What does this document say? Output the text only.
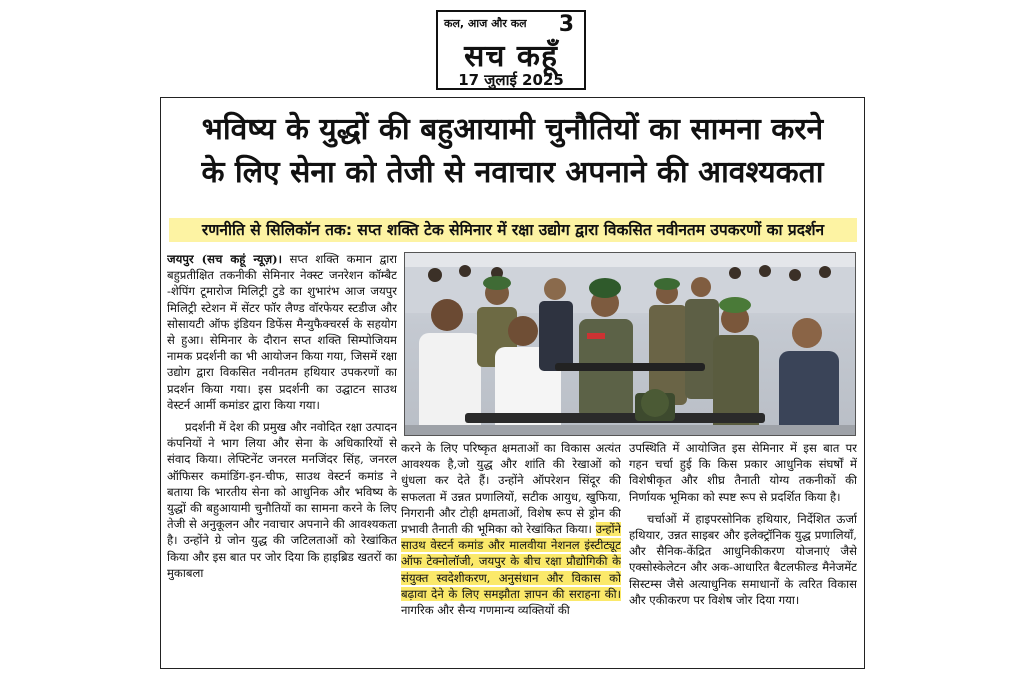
कल, आज और कल 3
सच कहूँ
17 जुलाई 2025
भविष्य के युद्धों की बहुआयामी चुनौतियों का सामना करने
के लिए सेना को तेजी से नवाचार अपनाने की आवश्यकता
रणनीति से सिलिकॉन तक: सप्त शक्ति टेक सेमिनार में रक्षा उद्योग द्वारा विकसित नवीनतम उपकरणों का प्रदर्शन

जयपुर (सच कहूं न्यूज़)। सप्त शक्ति कमान द्वारा बहुप्रतीक्षित तकनीकी सेमिनार नेक्स्ट जनरेशन कॉम्बैट -शेपिंग टूमारोज मिलिट्री टुडे का शुभारंभ आज जयपुर मिलिट्री स्टेशन में सेंटर फॉर लैण्ड वॉरफेयर स्टडीज और सोसायटी ऑफ इंडियन डिफेंस मैन्युफैक्चरर्स के सहयोग से हुआ। सेमिनार के दौरान सप्त शक्ति सिम्पोजियम नामक प्रदर्शनी का भी आयोजन किया गया, जिसमें रक्षा उद्योग द्वारा विकसित नवीनतम हथियार उपकरणों का प्रदर्शन किया गया। इस प्रदर्शनी का उद्घाटन साउथ वेस्टर्न आर्मी कमांडर द्वारा किया गया।

प्रदर्शनी में देश की प्रमुख और नवोदित रक्षा उत्पादन कंपनियों ने भाग लिया और सेना के अधिकारियों से संवाद किया। लेफ्टिनेंट जनरल मनजिंदर सिंह, जनरल ऑफिसर कमांडिंग-इन-चीफ, साउथ वेस्टर्न कमांड ने बताया कि भारतीय सेना को आधुनिक और भविष्य के युद्धों की बहुआयामी चुनौतियों का सामना करने के लिए तेजी से अनुकूलन और नवाचार अपनाने की आवश्यकता है। उन्होंने ग्रे जोन युद्ध की जटिलताओं को रेखांकित किया और इस बात पर जोर दिया कि हाइब्रिड खतरों का मुकाबला

करने के लिए परिष्कृत क्षमताओं का विकास अत्यंत आवश्यक है,जो युद्ध और शांति की रेखाओं को धुंधला कर देते हैं। उन्होंने ऑपरेशन सिंदूर की सफलता में उन्नत प्रणालियों, सटीक आयुध, खुफिया, निगरानी और टोही क्षमताओं, विशेष रूप से ड्रोन की प्रभावी तैनाती की भूमिका को रेखांकित किया। उन्होंने साउथ वेस्टर्न कमांड और मालवीया नेशनल इंस्टीट्यूट ऑफ टेक्नोलॉजी, जयपुर के बीच रक्षा प्रौद्योगिकी के संयुक्त स्वदेशीकरण, अनुसंधान और विकास को बढ़ावा देने के लिए समझौता ज्ञापन की सराहना की। नागरिक और सैन्य गणमान्य व्यक्तियों की

उपस्थिति में आयोजित इस सेमिनार में इस बात पर गहन चर्चा हुई कि किस प्रकार आधुनिक संघर्षों में विशेषीकृत और शीघ्र तैनाती योग्य तकनीकों की निर्णायक भूमिका को स्पष्ट रूप से प्रदर्शित किया है।

चर्चाओं में हाइपरसोनिक हथियार, निर्देशित ऊर्जा हथियार, उन्नत साइबर और इलेक्ट्रॉनिक युद्ध प्रणालियाँ, और सैनिक-केंद्रित आधुनिकीकरण योजनाएं जैसे एक्सोस्केलेटन और अक-आधारित बैटलफील्ड मैनेजमेंट सिस्टम्स जैसे अत्याधुनिक समाधानों के त्वरित विकास और एकीकरण पर विशेष जोर दिया गया।
